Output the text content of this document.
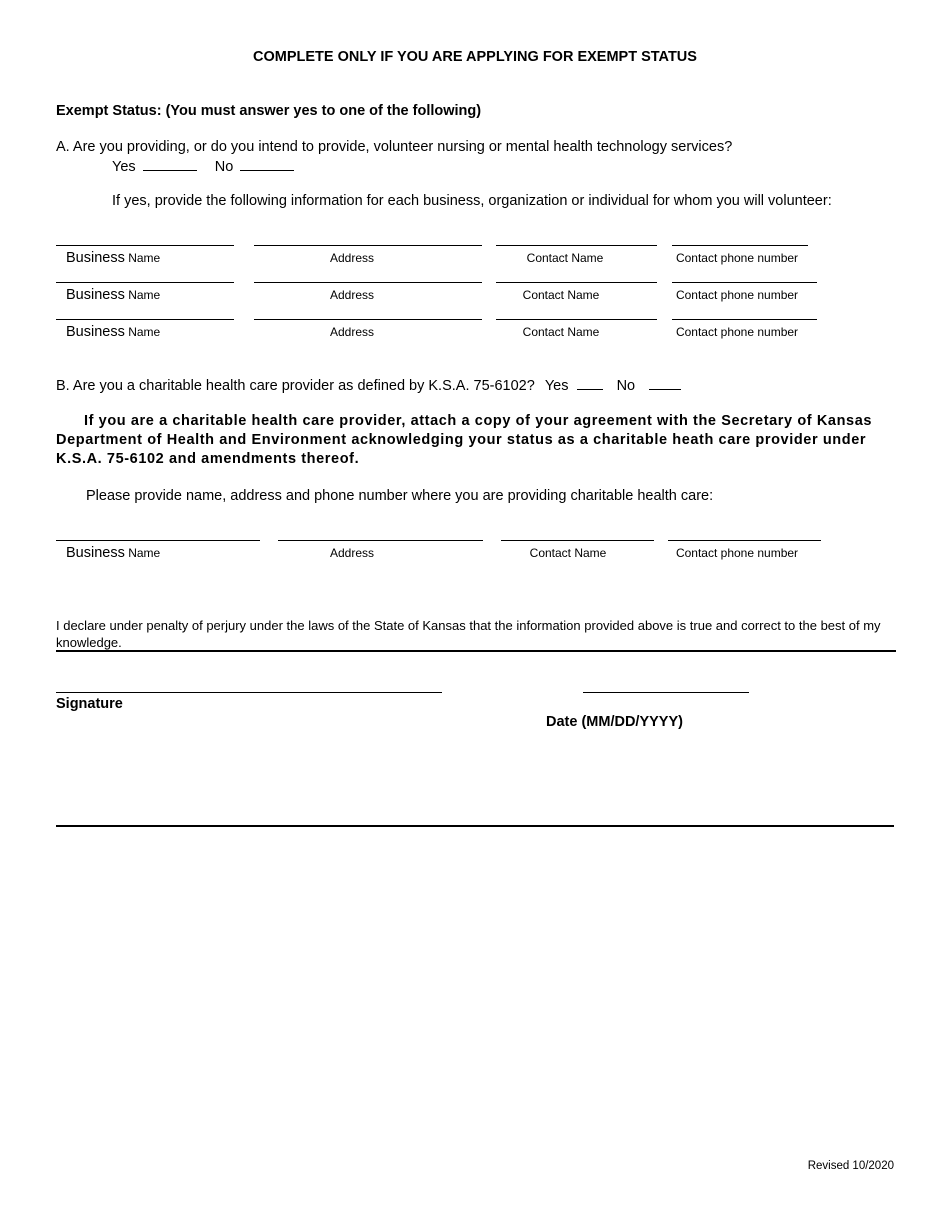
COMPLETE ONLY IF YOU ARE APPLYING FOR EXEMPT STATUS
Exempt Status: (You must answer yes to one of the following)
A. Are you providing, or do you intend to provide, volunteer nursing or mental health technology services?
Yes	No
If yes, provide the following information for each business, organization or individual for whom you will volunteer:
Business Name	Address	Contact Name	Contact phone number
Business Name	Address	Contact Name	Contact phone number
Business Name	Address	Contact Name	Contact phone number
B. Are you a charitable health care provider as defined by K.S.A. 75-6102? Yes	No
If you are a charitable health care provider, attach a copy of your agreement with the Secretary of Kansas Department of Health and Environment acknowledging your status as a charitable heath care provider under K.S.A. 75-6102 and amendments thereof.
Please provide name, address and phone number where you are providing charitable health care:
Business Name	Address	Contact Name	Contact phone number
I declare under penalty of perjury under the laws of the State of Kansas that the information provided above is true and correct to the best of my knowledge.
Signature
Date (MM/DD/YYYY)
Revised 10/2020
